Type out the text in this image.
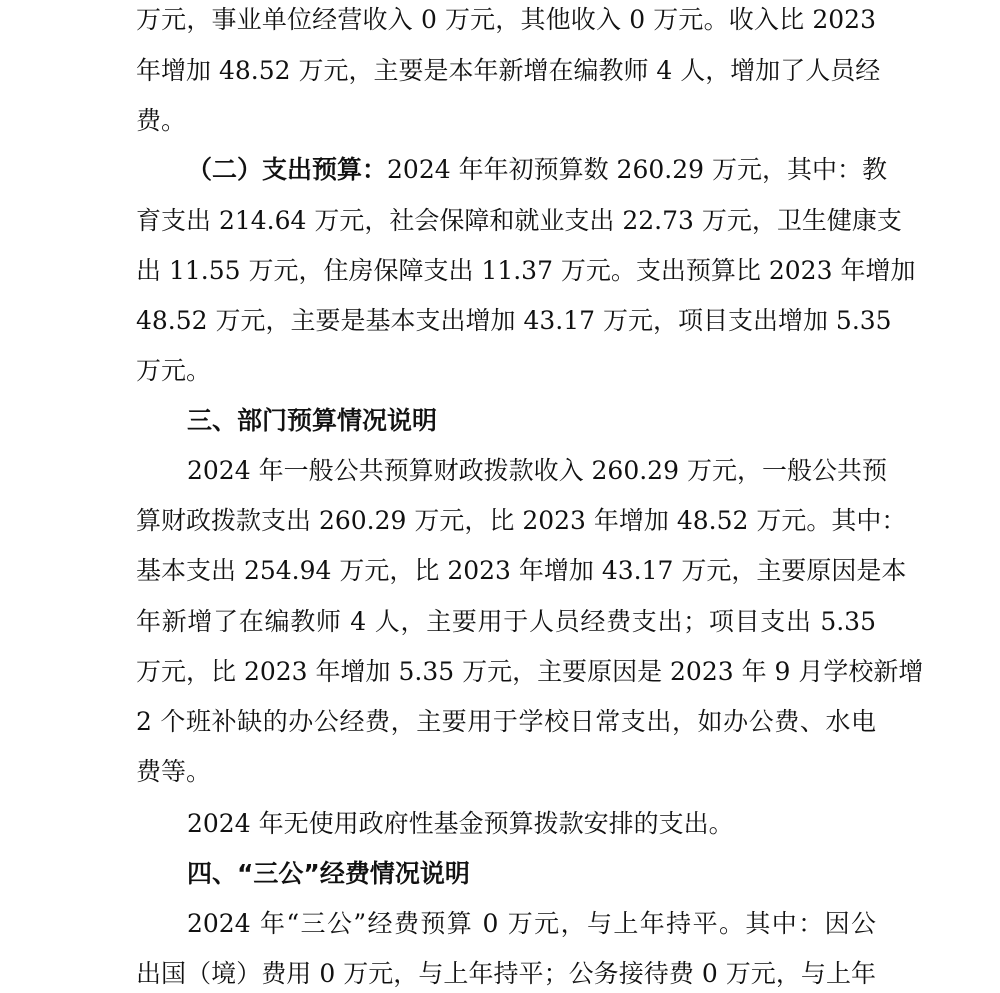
万元，事业单位经营收入 0 万元，其他收入 0 万元。收入比 2023
年增加 48.52 万元，主要是本年新增在编教师 4 人，增加了人员经
费。
（二）支出预算： 2024 年年初预算数 260.29 万元，其中：教
育支出 214.64 万元，社会保障和就业支出 22.73 万元，卫生健康支
出 11.55 万元，住房保障支出 11.37 万元。支出预算比 2023 年增加
48.52 万元，主要是基本支出增加 43.17 万元，项目支出增加 5.35
万元。
三、部门预算情况说明
2024 年一般公共预算财政拨款收入 260.29 万元，一般公共预
算财政拨款支出 260.29 万元，比 2023 年增加 48.52 万元。其中：
基本支出 254.94 万元，比 2023 年增加 43.17 万元，主要原因是本
年新增了在编教师 4 人，主要用于人员经费支出；项目支出 5.35
万元，比 2023 年增加 5.35 万元，主要原因是 2023 年 9 月学校新增
2 个班补缺的办公经费，主要用于学校日常支出，如办公费、水电
费等。
2024 年无使用政府性基金预算拨款安排的支出。
四、“三公”经费情况说明
2024 年“三公”经费预算 0 万元，与上年持平。其中：因公
出国（境）费用 0 万元，与上年持平；公务接待费 0 万元，与上年
